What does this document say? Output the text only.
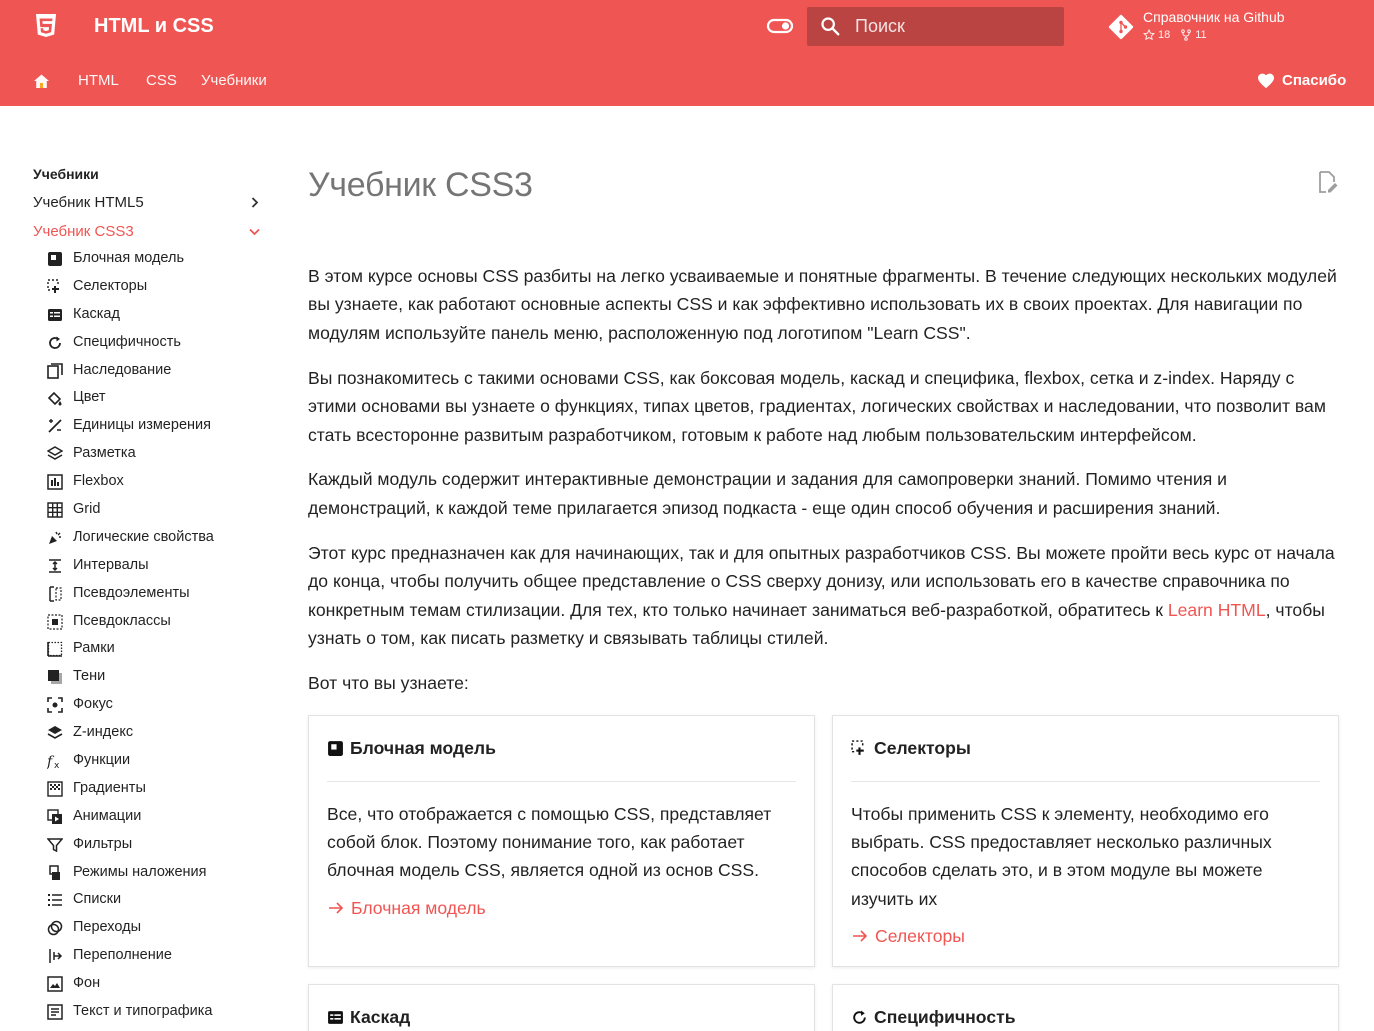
HTML и CSS
Поиск	Справочник на Github
18 11
HTML CSS Учебники	Спасибо
Учебники
Учебник HTML5
Учебник CSS3
Блочная модель
Селекторы
Каскад
Специфичность
Наследование
Цвет
Единицы измерения
Разметка
Flexbox
Grid
Логические свойства
Интервалы
Псевдоэлементы
Псевдоклассы
Рамки
Тени
Фокус
Z-индекс
f x Функции
Градиенты
Анимации
Фильтры
Режимы наложения
Списки
Переходы
Переполнение
Фон
Текст и типографика
Учебник CSS3

В этом курсе основы CSS разбиты на легко усваиваемые и понятные фрагменты. В течение следующих нескольких модулей вы узнаете, как работают основные аспекты CSS и как эффективно использовать их в своих проектах. Для навигации по модулям используйте панель меню, расположенную под логотипом "Learn CSS".

Вы познакомитесь с такими основами CSS, как боксовая модель, каскад и специфика, flexbox, сетка и z-index. Наряду с этими основами вы узнаете о функциях, типах цветов, градиентах, логических свойствах и наследовании, что позволит вам стать всесторонне развитым разработчиком, готовым к работе над любым пользовательским интерфейсом.

Каждый модуль содержит интерактивные демонстрации и задания для самопроверки знаний. Помимо чтения и демонстраций, к каждой теме прилагается эпизод подкаста - еще один способ обучения и расширения знаний.

Этот курс предназначен как для начинающих, так и для опытных разработчиков CSS. Вы можете пройти весь курс от начала до конца, чтобы получить общее представление о CSS сверху донизу, или использовать его в качестве справочника по конкретным темам стилизации. Для тех, кто только начинает заниматься веб-разработкой, обратитесь к Learn HTML, чтобы узнать о том, как писать разметку и связывать таблицы стилей.

Вот что вы узнаете:

Блочная модель
Все, что отображается с помощью CSS, представляет собой блок. Поэтому понимание того, как работает блочная модель CSS, является одной из основ CSS.
Блочная модель
Селекторы
Чтобы применить CSS к элементу, необходимо его выбрать. CSS предоставляет несколько различных способов сделать это, и в этом модуле вы можете изучить их
Селекторы
Каскад	Специфичность
